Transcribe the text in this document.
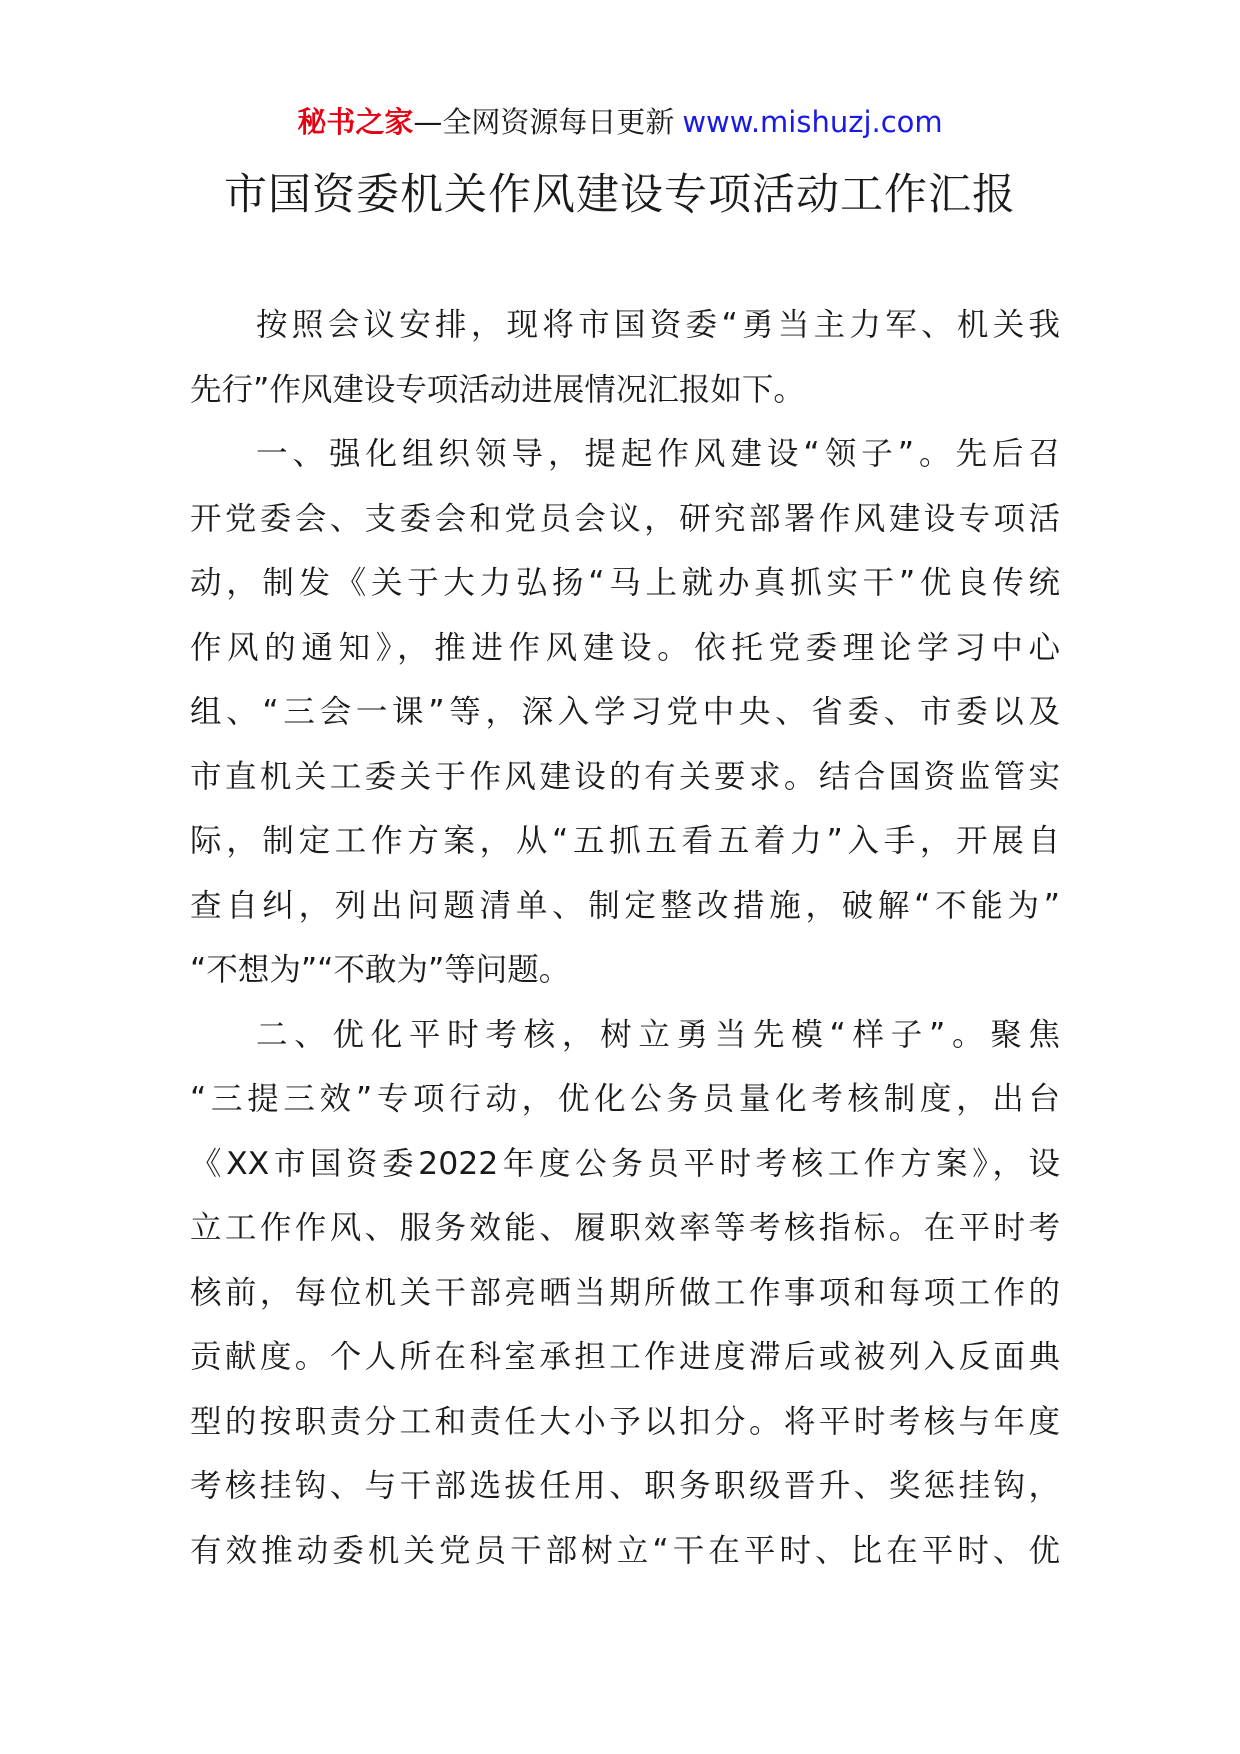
秘书之家—全网资源每日更新 www.mishuzj.com
市国资委机关作风建设专项活动工作汇报
按照会议安排，现将市国资委“勇当主力军、机关我
先行”作风建设专项活动进展情况汇报如下。
一、强化组织领导，提起作风建设“领子”。先后召
开党委会、支委会和党员会议，研究部署作风建设专项活
动，制发《关于大力弘扬“马上就办真抓实干”优良传统
作风的通知》，推进作风建设。依托党委理论学习中心
组、“三会一课”等，深入学习党中央、省委、市委以及
市直机关工委关于作风建设的有关要求。结合国资监管实
际，制定工作方案，从“五抓五看五着力”入手，开展自
查自纠，列出问题清单、制定整改措施，破解“不能为”
“不想为”“不敢为”等问题。
二、优化平时考核，树立勇当先模“样子”。聚焦
“三提三效”专项行动，优化公务员量化考核制度，出台
《XX市国资委2022年度公务员平时考核工作方案》，设
立工作作风、服务效能、履职效率等考核指标。在平时考
核前，每位机关干部亮晒当期所做工作事项和每项工作的
贡献度。个人所在科室承担工作进度滞后或被列入反面典
型的按职责分工和责任大小予以扣分。将平时考核与年度
考核挂钩、与干部选拔任用、职务职级晋升、奖惩挂钩，
有效推动委机关党员干部树立“干在平时、比在平时、优
